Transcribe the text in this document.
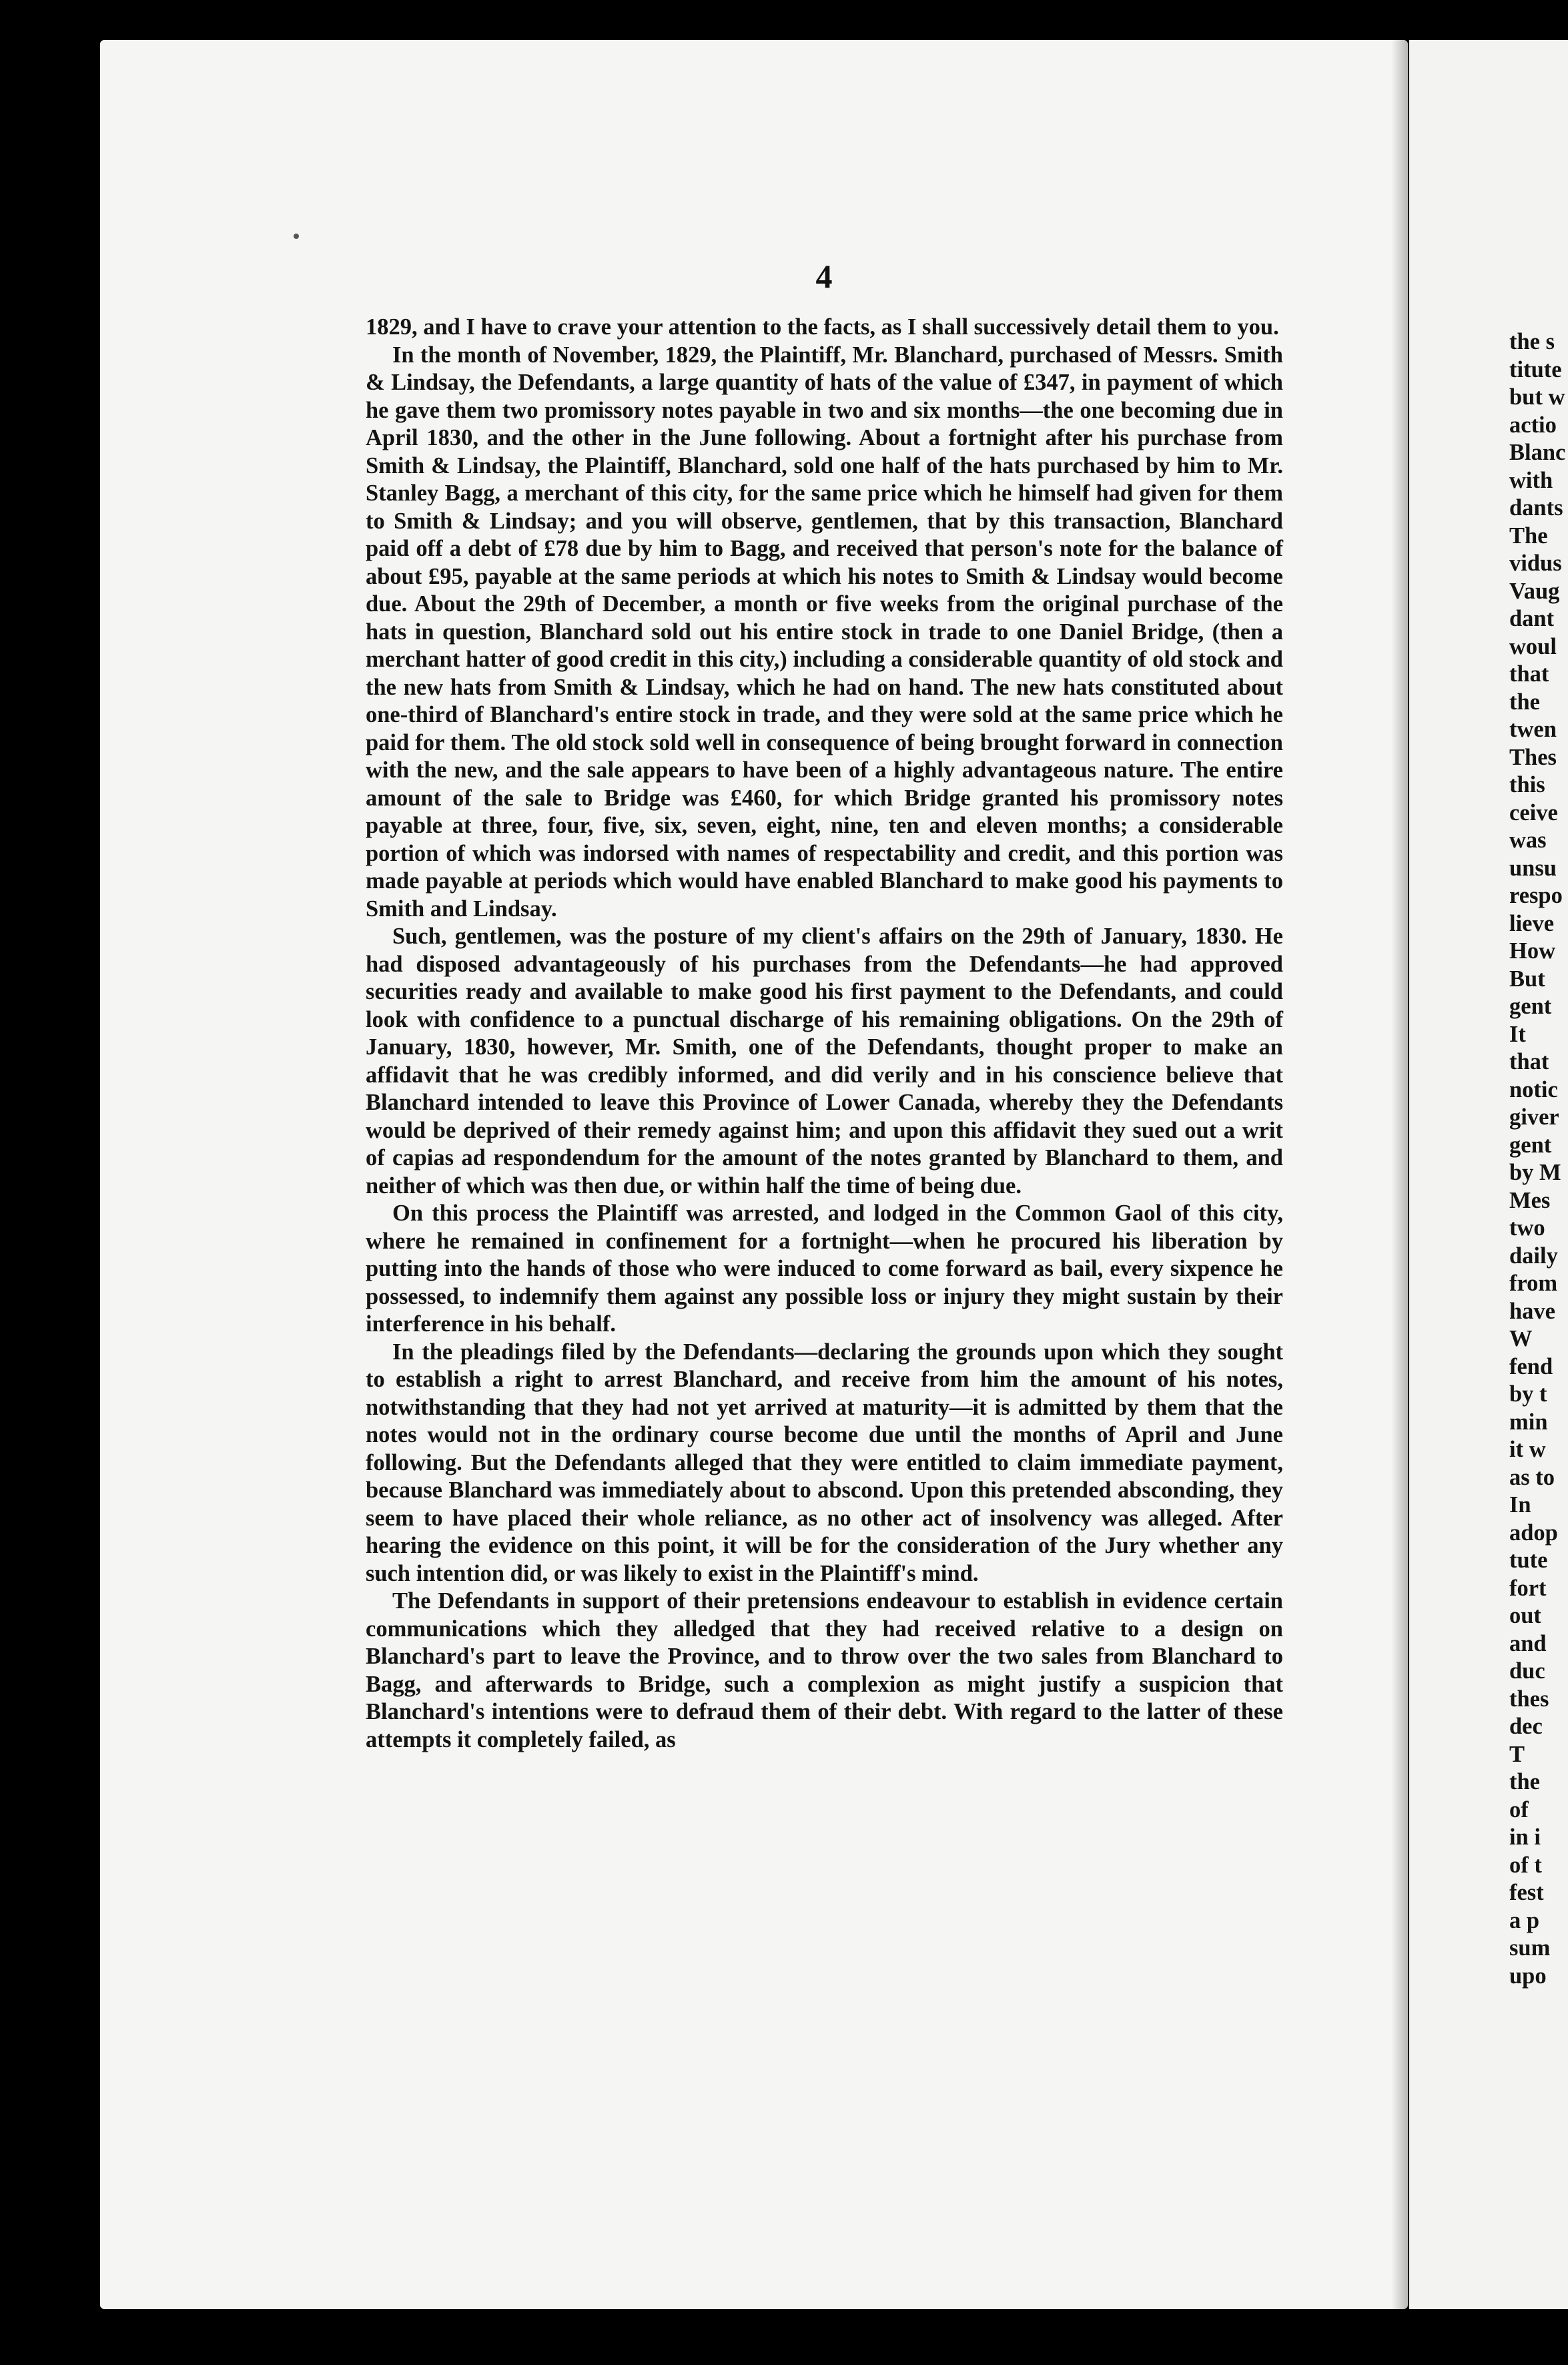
4

1829, and I have to crave your attention to the facts, as I shall successively detail them to you.

In the month of November, 1829, the Plaintiff, Mr. Blanchard, purchased of Messrs. Smith & Lindsay, the Defendants, a large quantity of hats of the value of £347, in payment of which he gave them two promissory notes payable in two and six months—the one becoming due in April 1830, and the other in the June following. About a fortnight after his purchase from Smith & Lindsay, the Plaintiff, Blanchard, sold one half of the hats purchased by him to Mr. Stanley Bagg, a merchant of this city, for the same price which he himself had given for them to Smith & Lindsay; and you will observe, gentlemen, that by this transaction, Blanchard paid off a debt of £78 due by him to Bagg, and received that person's note for the balance of about £95, payable at the same periods at which his notes to Smith & Lindsay would become due. About the 29th of December, a month or five weeks from the original purchase of the hats in question, Blanchard sold out his entire stock in trade to one Daniel Bridge, (then a merchant hatter of good credit in this city,) including a considerable quantity of old stock and the new hats from Smith & Lindsay, which he had on hand. The new hats constituted about one-third of Blanchard's entire stock in trade, and they were sold at the same price which he paid for them. The old stock sold well in consequence of being brought forward in connection with the new, and the sale appears to have been of a highly advantageous nature. The entire amount of the sale to Bridge was £460, for which Bridge granted his promissory notes payable at three, four, five, six, seven, eight, nine, ten and eleven months; a considerable portion of which was indorsed with names of respectability and credit, and this portion was made payable at periods which would have enabled Blanchard to make good his payments to Smith and Lindsay.

Such, gentlemen, was the posture of my client's affairs on the 29th of January, 1830. He had disposed advantageously of his purchases from the Defendants—he had approved securities ready and available to make good his first payment to the Defendants, and could look with confidence to a punctual discharge of his remaining obligations. On the 29th of January, 1830, however, Mr. Smith, one of the Defendants, thought proper to make an affidavit that he was credibly informed, and did verily and in his conscience believe that Blanchard intended to leave this Province of Lower Canada, whereby they the Defendants would be deprived of their remedy against him; and upon this affidavit they sued out a writ of capias ad respondendum for the amount of the notes granted by Blanchard to them, and neither of which was then due, or within half the time of being due.

On this process the Plaintiff was arrested, and lodged in the Common Gaol of this city, where he remained in confinement for a fortnight—when he procured his liberation by putting into the hands of those who were induced to come forward as bail, every sixpence he possessed, to indemnify them against any possible loss or injury they might sustain by their interference in his behalf.

In the pleadings filed by the Defendants—declaring the grounds upon which they sought to establish a right to arrest Blanchard, and receive from him the amount of his notes, notwithstanding that they had not yet arrived at maturity—it is admitted by them that the notes would not in the ordinary course become due until the months of April and June following. But the Defendants alleged that they were entitled to claim immediate payment, because Blanchard was immediately about to abscond. Upon this pretended absconding, they seem to have placed their whole reliance, as no other act of insolvency was alleged. After hearing the evidence on this point, it will be for the consideration of the Jury whether any such intention did, or was likely to exist in the Plaintiff's mind.

The Defendants in support of their pretensions endeavour to establish in evidence certain communications which they alledged that they had received relative to a design on Blanchard's part to leave the Province, and to throw over the two sales from Blanchard to Bagg, and afterwards to Bridge, such a complexion as might justify a suspicion that Blanchard's intentions were to defraud them of their debt. With regard to the latter of these attempts it completely failed, as

the s
titute
but w
actio
Blanc
with
dants
The
vidus
Vaug
dant
woul
that
the
twen
Thes
this
ceive
was
unsu
respo
lieve
How
But
gent
It
that
notic
giver
gent
by M
Mes
two
daily
from
have
W
fend
by t
min
it w
as to
In
adop
tute
fort
out
and
duc
thes
dec
T
the
of
in i
of t
fest
a p
sum
upo
